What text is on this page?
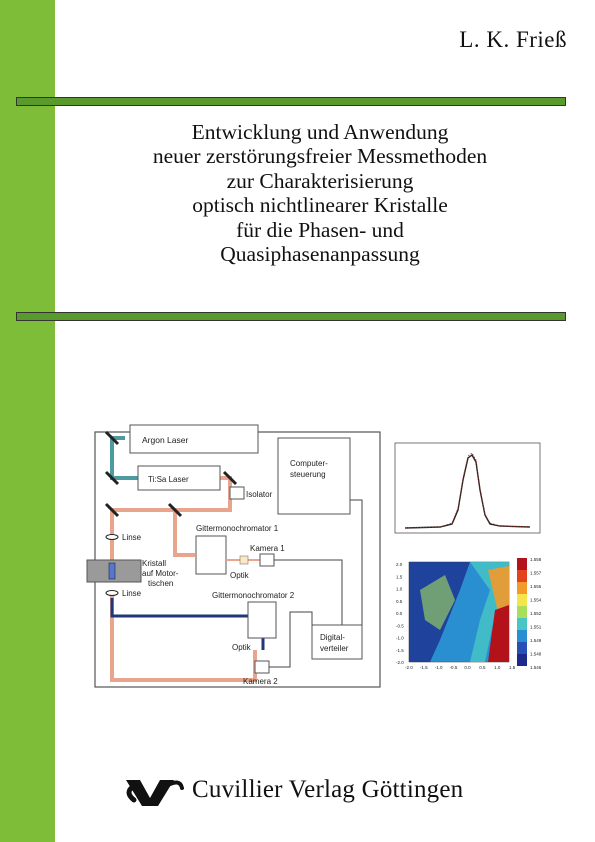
L. K. Frieß
Entwicklung und Anwendung
neuer zerstörungsfreier Messmethoden
zur Charakterisierung
optisch nichtlinearer Kristalle
für die Phasen- und
Quasiphasenanpassung
Argon Laser
Ti:Sa Laser
Isolator
Computer-
steuerung
Linse
Linse
Kristall
auf Motor-
tischen
Gittermonochromator 1
Optik
Kamera 1
Gittermonochromator 2
Optik
Kamera 2
Digital-
verteiler
1.558
1.557
1.555
1.554
1.552
1.551
1.549
1.548
1.546
-2.0 -1.5 -1.0 -0.5 0.0 0.5 1.0 1.5
2.0
1.5
1.0
0.5
0.0
-0.5
-1.0
-1.5
-2.0
Cuvillier Verlag Göttingen
